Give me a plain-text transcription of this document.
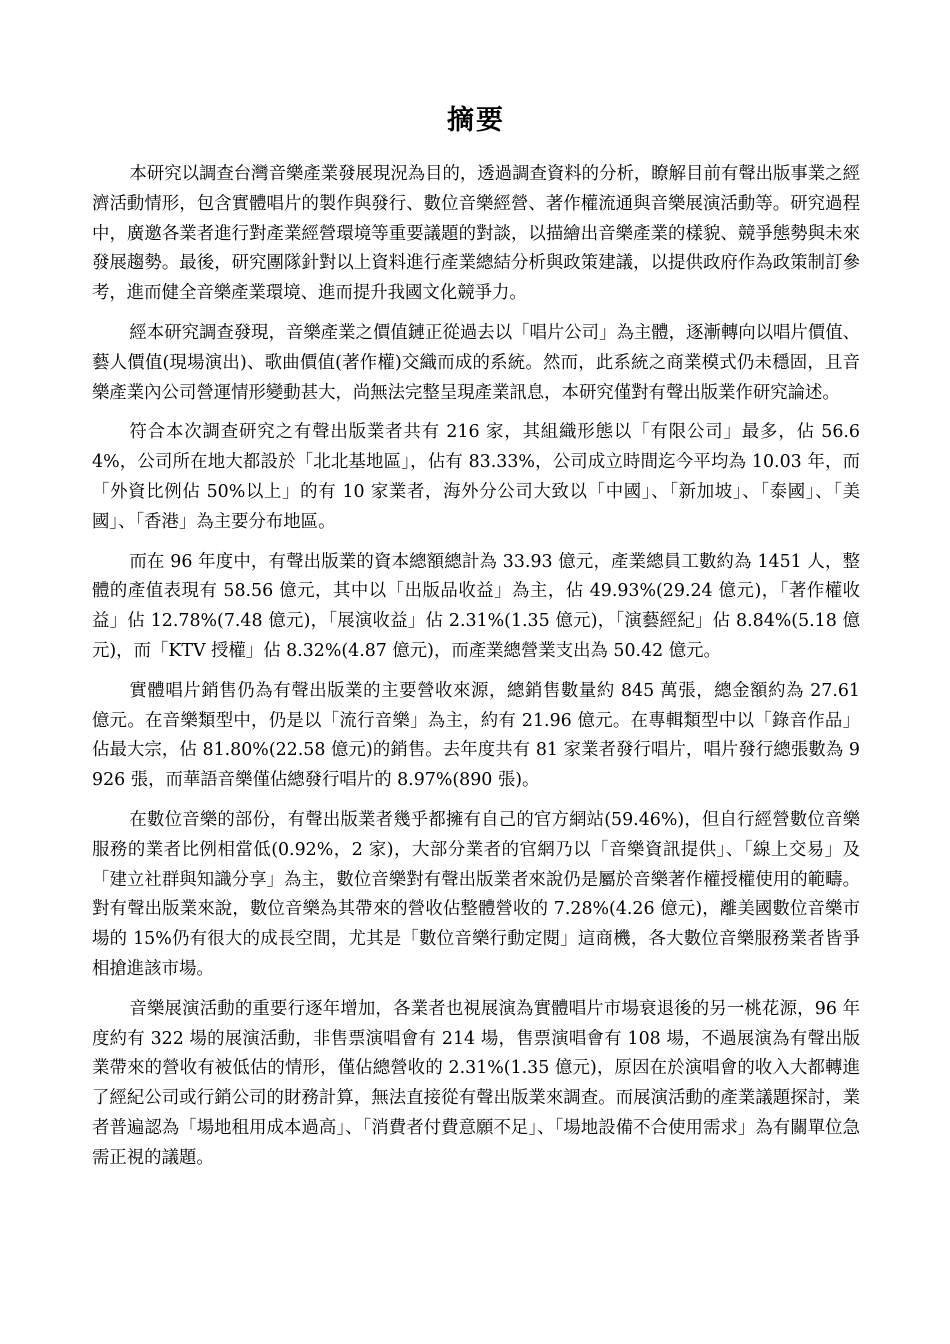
摘要

本研究以調查台灣音樂產業發展現況為目的，透過調查資料的分析，瞭解目前有聲出版事業之經濟活動情形，包含實體唱片的製作與發行、數位音樂經營、著作權流通與音樂展演活動等。研究過程中，廣邀各業者進行對產業經營環境等重要議題的對談，以描繪出音樂產業的樣貌、競爭態勢與未來發展趨勢。最後，研究團隊針對以上資料進行產業總結分析與政策建議，以提供政府作為政策制訂參考，進而健全音樂產業環境、進而提升我國文化競爭力。

經本研究調查發現，音樂產業之價值鏈正從過去以「唱片公司」為主體，逐漸轉向以唱片價值、藝人價值(現場演出)、歌曲價值(著作權)交織而成的系統。然而，此系統之商業模式仍未穩固，且音樂產業內公司營運情形變動甚大，尚無法完整呈現產業訊息，本研究僅對有聲出版業作研究論述。

符合本次調查研究之有聲出版業者共有 216 家，其組織形態以「有限公司」最多，佔 56.64%，公司所在地大都設於「北北基地區」，佔有 83.33%，公司成立時間迄今平均為 10.03 年，而「外資比例佔 50%以上」的有 10 家業者，海外分公司大致以「中國」、「新加坡」、「泰國」、「美國」、「香港」為主要分布地區。

而在 96 年度中，有聲出版業的資本總額總計為 33.93 億元，產業總員工數約為 1451 人，整體的產值表現有 58.56 億元，其中以「出版品收益」為主，佔 49.93%(29.24 億元)，「著作權收益」佔 12.78%(7.48 億元)，「展演收益」佔 2.31%(1.35 億元)，「演藝經紀」佔 8.84%(5.18 億元)，而「KTV 授權」佔 8.32%(4.87 億元)，而產業總營業支出為 50.42 億元。

實體唱片銷售仍為有聲出版業的主要營收來源，總銷售數量約 845 萬張，總金額約為 27.61 億元。在音樂類型中，仍是以「流行音樂」為主，約有 21.96 億元。在專輯類型中以「錄音作品」佔最大宗，佔 81.80%(22.58 億元)的銷售。去年度共有 81 家業者發行唱片，唱片發行總張數為 9926 張，而華語音樂僅佔總發行唱片的 8.97%(890 張)。

在數位音樂的部份，有聲出版業者幾乎都擁有自己的官方網站(59.46%)，但自行經營數位音樂服務的業者比例相當低(0.92%，2 家)，大部分業者的官網乃以「音樂資訊提供」、「線上交易」及「建立社群與知識分享」為主，數位音樂對有聲出版業者來說仍是屬於音樂著作權授權使用的範疇。對有聲出版業來說，數位音樂為其帶來的營收佔整體營收的 7.28%(4.26 億元)，離美國數位音樂市場的 15%仍有很大的成長空間，尤其是「數位音樂行動定閱」這商機，各大數位音樂服務業者皆爭相搶進該市場。

音樂展演活動的重要行逐年增加，各業者也視展演為實體唱片市場衰退後的另一桃花源，96 年度約有 322 場的展演活動，非售票演唱會有 214 場，售票演唱會有 108 場，不過展演為有聲出版業帶來的營收有被低估的情形，僅佔總營收的 2.31%(1.35 億元)，原因在於演唱會的收入大都轉進了經紀公司或行銷公司的財務計算，無法直接從有聲出版業來調查。而展演活動的產業議題探討，業者普遍認為「場地租用成本過高」、「消費者付費意願不足」、「場地設備不合使用需求」為有關單位急需正視的議題。
